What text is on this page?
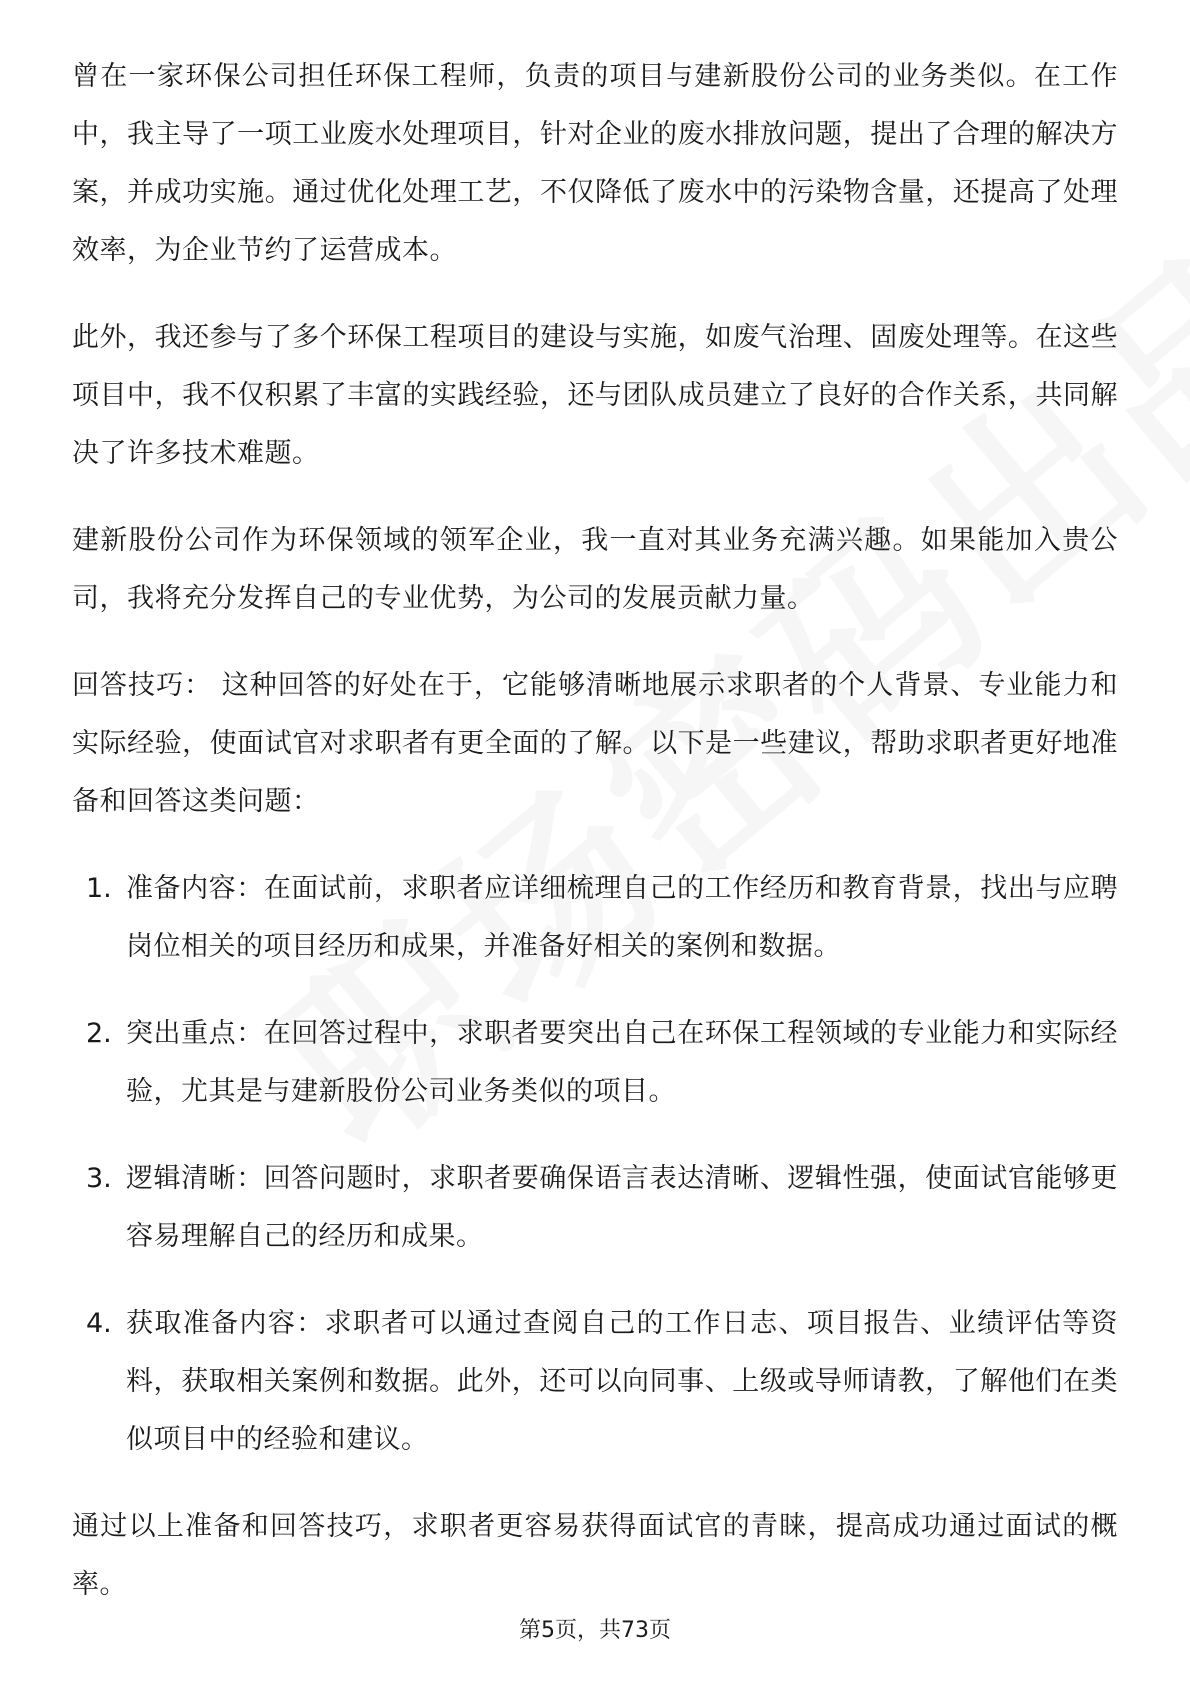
曾在一家环保公司担任环保工程师，负责的项目与建新股份公司的业务类似。在工作中，我主导了一项工业废水处理项目，针对企业的废水排放问题，提出了合理的解决方案，并成功实施。通过优化处理工艺，不仅降低了废水中的污染物含量，还提高了处理效率，为企业节约了运营成本。

此外，我还参与了多个环保工程项目的建设与实施，如废气治理、固废处理等。在这些项目中，我不仅积累了丰富的实践经验，还与团队成员建立了良好的合作关系，共同解决了许多技术难题。

建新股份公司作为环保领域的领军企业，我一直对其业务充满兴趣。如果能加入贵公司，我将充分发挥自己的专业优势，为公司的发展贡献力量。

回答技巧： 这种回答的好处在于，它能够清晰地展示求职者的个人背景、专业能力和实际经验，使面试官对求职者有更全面的了解。以下是一些建议，帮助求职者更好地准备和回答这类问题：

1. 准备内容：在面试前，求职者应详细梳理自己的工作经历和教育背景，找出与应聘岗位相关的项目经历和成果，并准备好相关的案例和数据。
2. 突出重点：在回答过程中，求职者要突出自己在环保工程领域的专业能力和实际经验，尤其是与建新股份公司业务类似的项目。
3. 逻辑清晰：回答问题时，求职者要确保语言表达清晰、逻辑性强，使面试官能够更容易理解自己的经历和成果。
4. 获取准备内容：求职者可以通过查阅自己的工作日志、项目报告、业绩评估等资料，获取相关案例和数据。此外，还可以向同事、上级或导师请教，了解他们在类似项目中的经验和建议。

通过以上准备和回答技巧，求职者更容易获得面试官的青睐，提高成功通过面试的概率。

第5页，共73页
